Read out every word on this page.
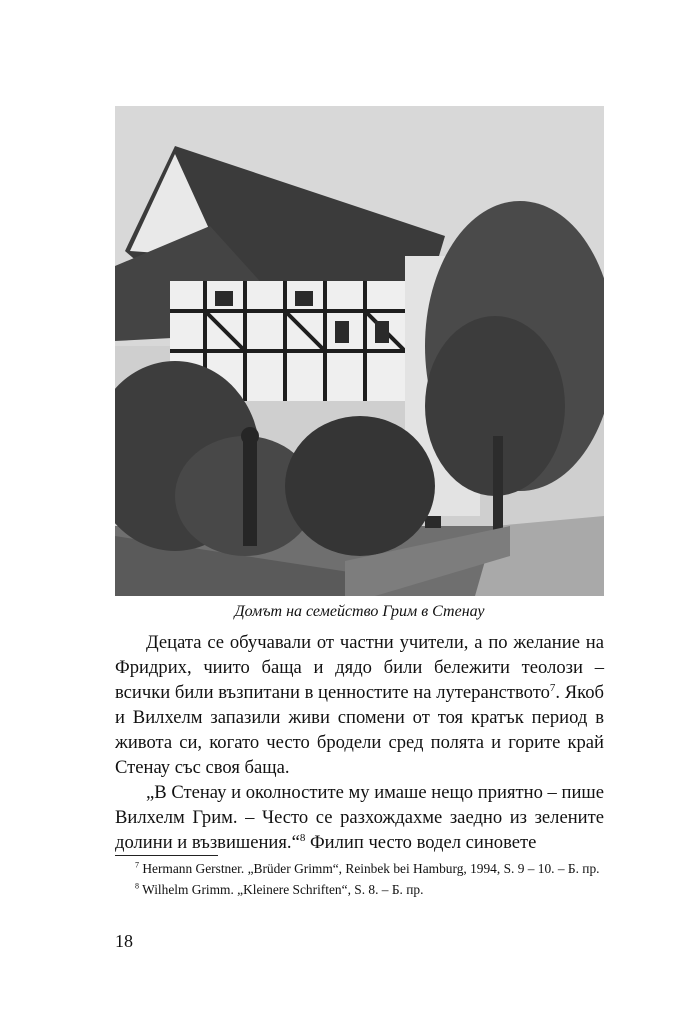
Домът на семейство Грим в Стенау

Децата се обучавали от частни учители, а по желание на Фридрих, чиито баща и дядо били бележити теолози – всички били възпитани в ценностите на лутеранството$^7$. Якоб и Вилхелм запазили живи спомени от тоя кратък период в живота си, когато често бродели сред полята и горите край Стенау със своя баща.

„В Стенау и околностите му имаше нещо приятно – пише Вилхелм Грим. – Често се разхождахме заедно из зелените долини и възвишения.“$^8$ Филип често водел синовете

$^7$ Hermann Gerstner. „Brüder Grimm“, Reinbek bei Hamburg, 1994, S. 9 – 10. – Б. пр.

$^8$ Wilhelm Grimm. „Kleinere Schriften“, S. 8. – Б. пр.

18
